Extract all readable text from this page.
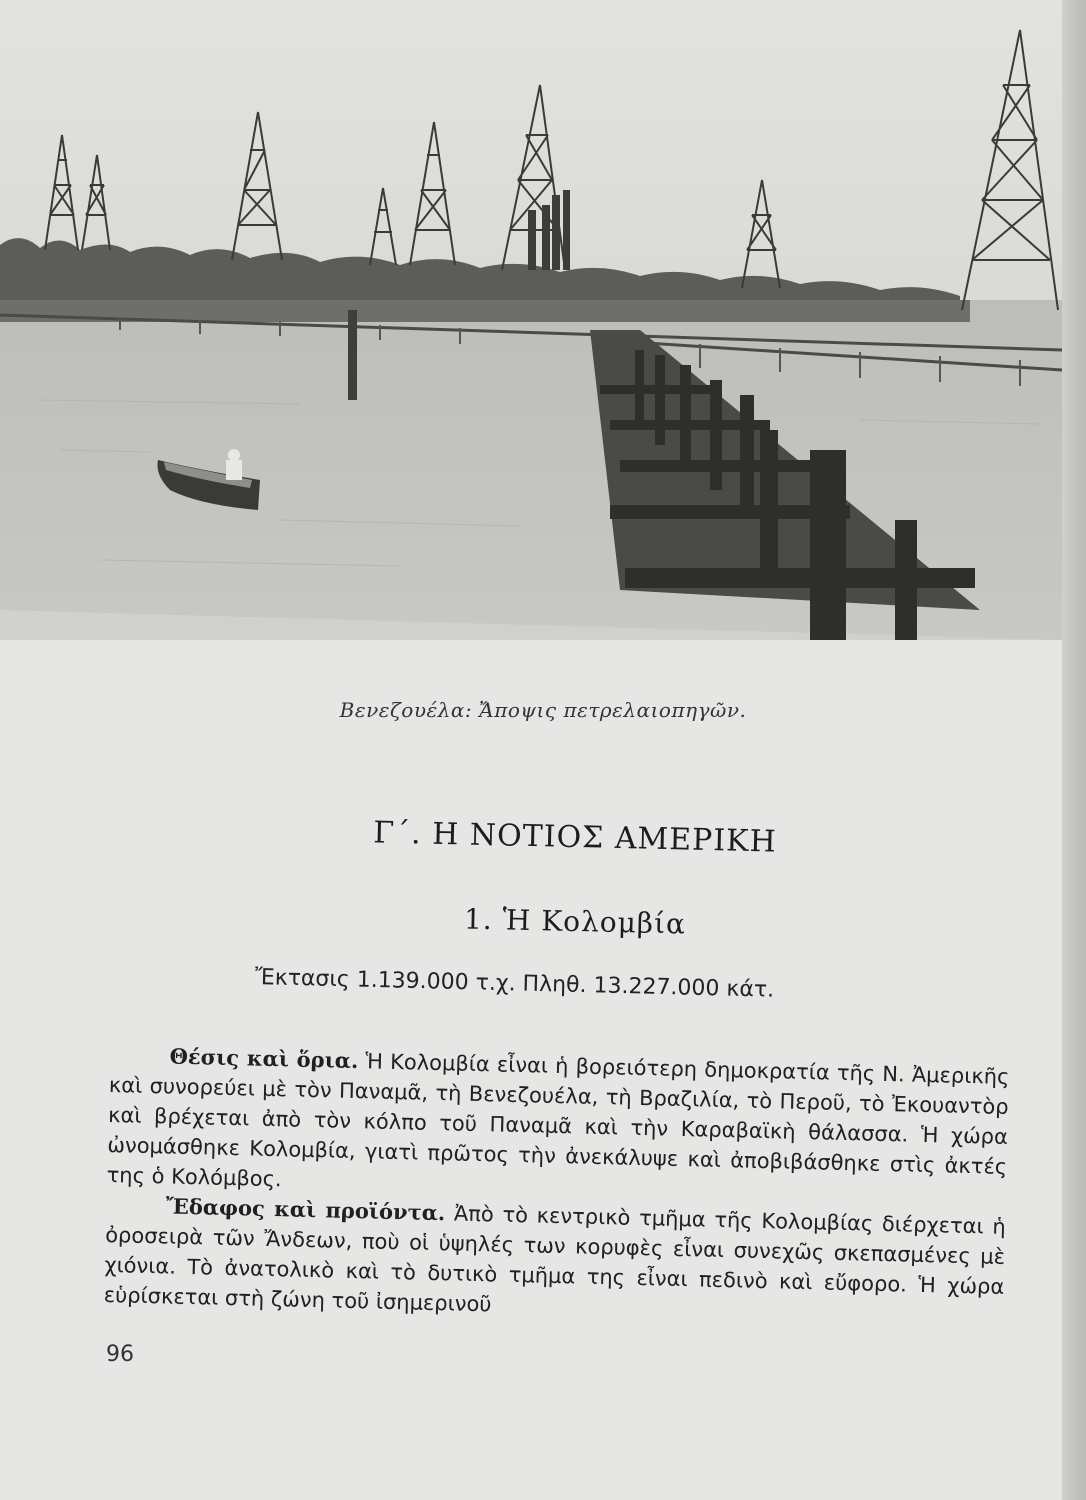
Βενεζουέλα: Ἄποψις πετρελαιοπηγῶν.
Γ΄. Η ΝΟΤΙΟΣ ΑΜΕΡΙΚΗ
1. Ἡ Κολομβία
Ἔκτασις 1.139.000 τ.χ. Πληθ. 13.227.000 κάτ.

Θέσις καὶ ὅρια. Ἡ Κολομβία εἶναι ἡ βορειότερη δημοκρατία τῆς Ν. Ἀμερικῆς καὶ συνορεύει μὲ τὸν Παναμᾶ, τὴ Βενεζουέλα, τὴ Βραζιλία, τὸ Περοῦ, τὸ Ἐκουαντὸρ καὶ βρέχεται ἀπὸ τὸν κόλπο τοῦ Παναμᾶ καὶ τὴν Καραβαϊκὴ θάλασσα. Ἡ χώρα ὠνομάσθηκε Κολομβία, γιατὶ πρῶτος τὴν ἀνεκάλυψε καὶ ἀποβιβάσθηκε στὶς ἀκτές της ὁ Κολόμβος.

Ἔδαφος καὶ προϊόντα. Ἀπὸ τὸ κεντρικὸ τμῆμα τῆς Κολομβίας διέρχεται ἡ ὀροσειρὰ τῶν Ἄνδεων, ποὺ οἱ ὑψηλές των κορυφὲς εἶναι συνεχῶς σκεπασμένες μὲ χιόνια. Τὸ ἀνατολικὸ καὶ τὸ δυτικὸ τμῆμα της εἶναι πεδινὸ καὶ εὔφορο. Ἡ χώρα εὑρίσκεται στὴ ζώνη τοῦ ἰσημερινοῦ

96
